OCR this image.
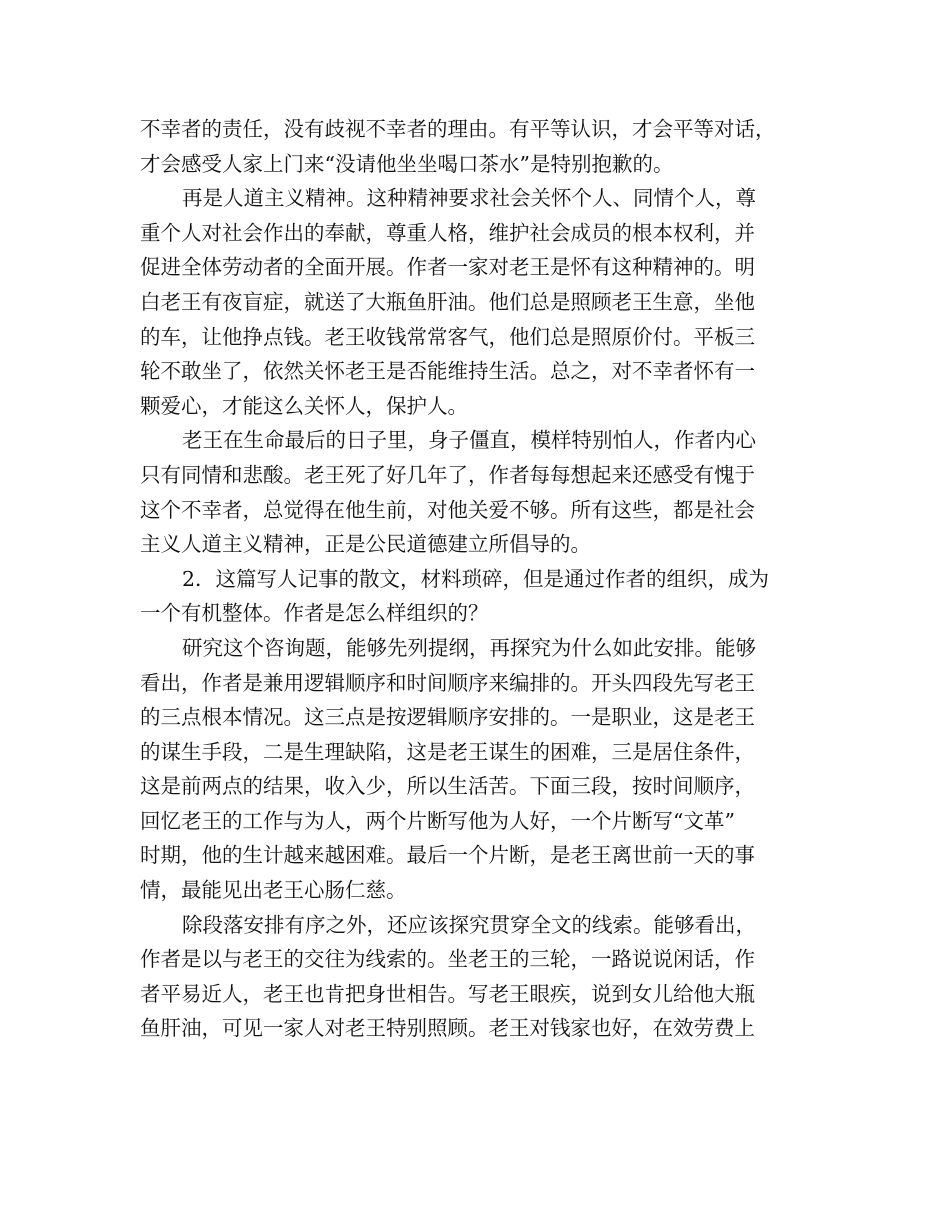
不幸者的责任，没有歧视不幸者的理由。有平等认识，才会平等对话，
才会感受人家上门来“没请他坐坐喝口茶水”是特别抱歉的。
再是人道主义精神。这种精神要求社会关怀个人、同情个人，尊
重个人对社会作出的奉献，尊重人格，维护社会成员的根本权利，并
促进全体劳动者的全面开展。作者一家对老王是怀有这种精神的。明
白老王有夜盲症，就送了大瓶鱼肝油。他们总是照顾老王生意，坐他
的车，让他挣点钱。老王收钱常常客气，他们总是照原价付。平板三
轮不敢坐了，依然关怀老王是否能维持生活。总之，对不幸者怀有一
颗爱心，才能这么关怀人，保护人。
老王在生命最后的日子里，身子僵直，模样特别怕人，作者内心
只有同情和悲酸。老王死了好几年了，作者每每想起来还感受有愧于
这个不幸者，总觉得在他生前，对他关爱不够。所有这些，都是社会
主义人道主义精神，正是公民道德建立所倡导的。
2．这篇写人记事的散文，材料琐碎，但是通过作者的组织，成为
一个有机整体。作者是怎么样组织的？
研究这个咨询题，能够先列提纲，再探究为什么如此安排。能够
看出，作者是兼用逻辑顺序和时间顺序来编排的。开头四段先写老王
的三点根本情况。这三点是按逻辑顺序安排的。一是职业，这是老王
的谋生手段，二是生理缺陷，这是老王谋生的困难，三是居住条件，
这是前两点的结果，收入少，所以生活苦。下面三段，按时间顺序，
回忆老王的工作与为人，两个片断写他为人好，一个片断写“文革”
时期，他的生计越来越困难。最后一个片断，是老王离世前一天的事
情，最能见出老王心肠仁慈。
除段落安排有序之外，还应该探究贯穿全文的线索。能够看出，
作者是以与老王的交往为线索的。坐老王的三轮，一路说说闲话，作
者平易近人，老王也肯把身世相告。写老王眼疾，说到女儿给他大瓶
鱼肝油，可见一家人对老王特别照顾。老王对钱家也好，在效劳费上
